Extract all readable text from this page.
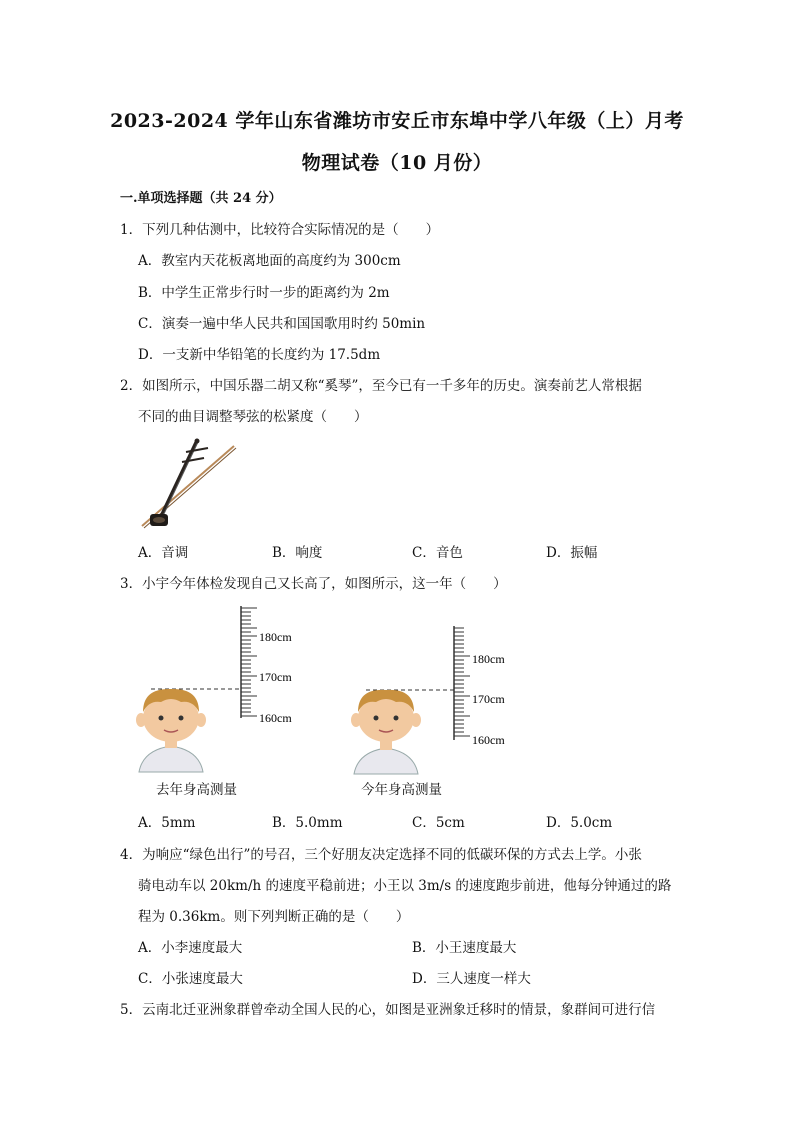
2023-2024 学年山东省潍坊市安丘市东埠中学八年级（上）月考
物理试卷（10 月份）
一.单项选择题（共 24 分）
1．下列几种估测中，比较符合实际情况的是（　　）
A．教室内天花板离地面的高度约为 300cm
B．中学生正常步行时一步的距离约为 2m
C．演奏一遍中华人民共和国国歌用时约 50min
D．一支新中华铅笔的长度约为 17.5dm
2．如图所示，中国乐器二胡又称“奚琴”，至今已有一千多年的历史。演奏前艺人常根据
不同的曲目调整琴弦的松紧度（　　）
A．音调	B．响度	C．音色	D．振幅
3．小宇今年体检发现自己又长高了，如图所示，这一年（　　）
180cm
170cm
160cm
去年身高测量
180cm
170cm
160cm
今年身高测量
A．5mm	B．5.0mm	C．5cm	D．5.0cm
4．为响应“绿色出行”的号召，三个好朋友决定选择不同的低碳环保的方式去上学。小张
骑电动车以 20km/h 的速度平稳前进；小王以 3m/s 的速度跑步前进，他每分钟通过的路
程为 0.36km。则下列判断正确的是（　　）
A．小李速度最大	B．小王速度最大
C．小张速度最大	D．三人速度一样大
5．云南北迁亚洲象群曾牵动全国人民的心，如图是亚洲象迁移时的情景，象群间可进行信
